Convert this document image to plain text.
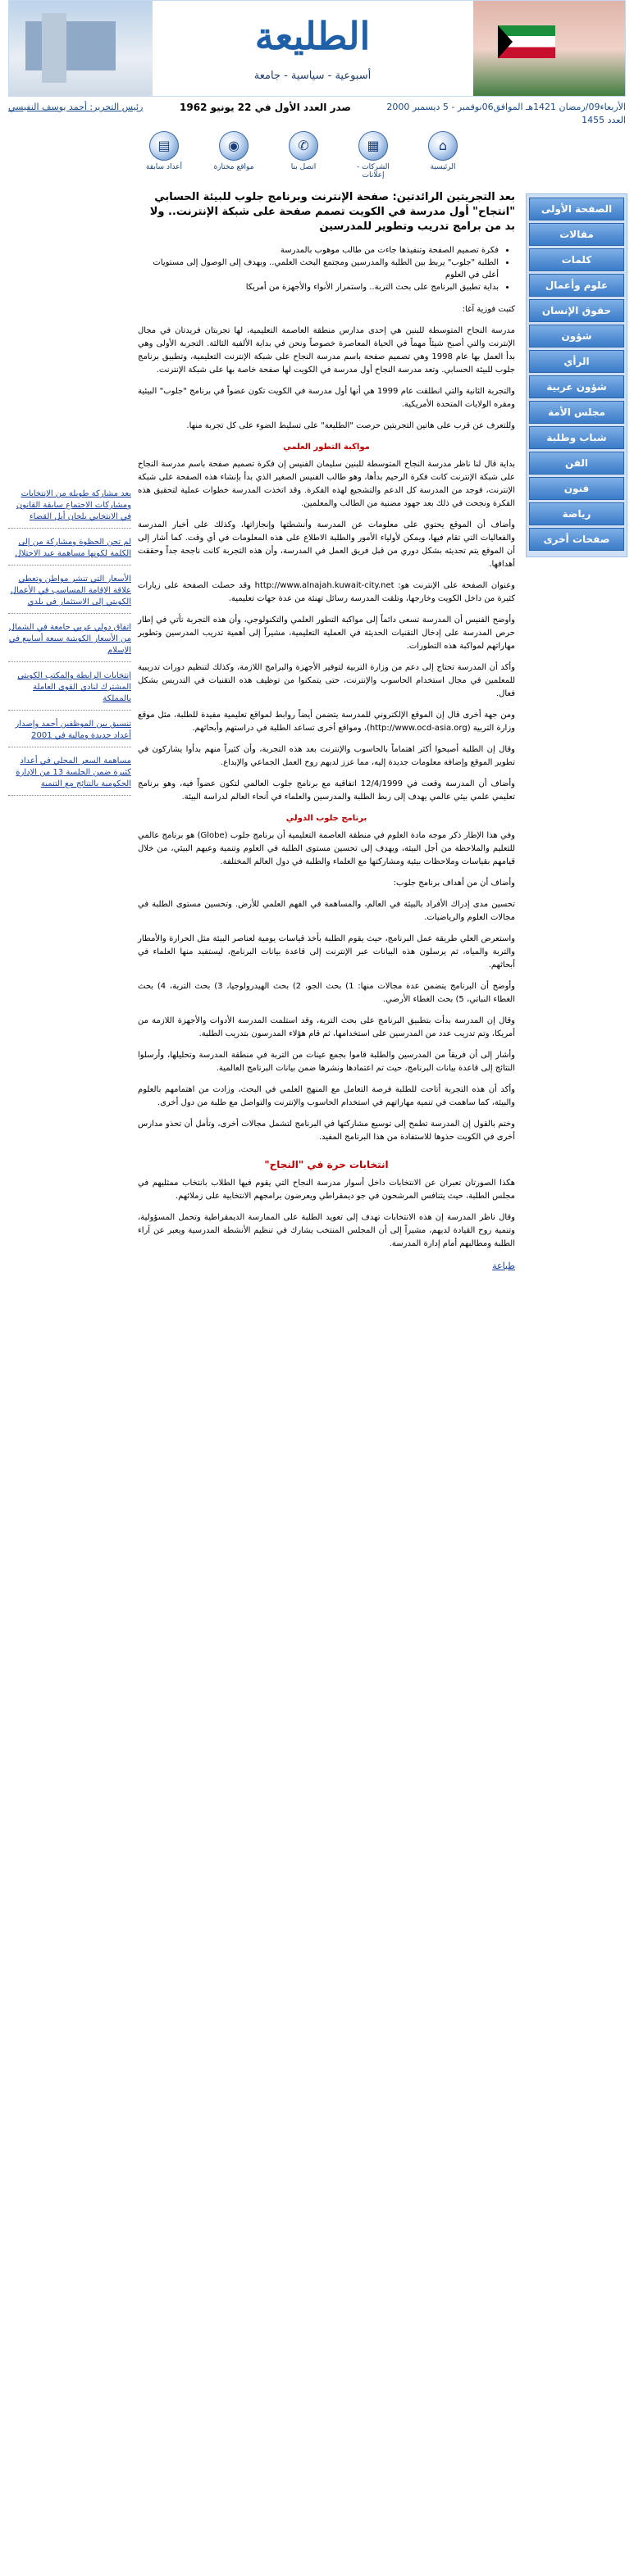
الطليعة
أسبوعية - سياسية - جامعة
الأربعاء09/رمضان 1421هـ الموافق06نوفمبر - 5 ديسمبر 2000
صدر العدد الأول في 22 يونيو 1962
رئيس التحرير: أحمد يوسف النفيسي
العدد 1455
⌂
الرئيسية
▦
الشركات - إعلانات
✆
اتصل بنا
◉
مواقع مختارة
▤
أعداد سابقة
الصفحة الأولى
مقالات
كلمات
علوم وأعمال
حقوق الإنسان
شؤون
الرأي
شؤون عربية
مجلس الأمة
شباب وطلبة
الفن
فنون
رياضة
صفحات أخرى
بعد مشاركة طويلة من الإنتخابات ومشاركات الاجتماع سابقة القانون في الانتخابي بلجان أبل القضاء
لم تحن الحظوة ومشاركة من إلى الكلمة لكونها مساهمة عبد الاحتلال
الأسعار التي تنشر مواطن وتعطي علاقة الإقامة المساسب في الأعمال الكويتي إلى الاستثمار في بلدي
اتفاق دولي عربي جامعة في الشمال من الأسعار الكويتية سبعة أسابيع في الإسلام
إنتخابات الرابطة والمكتب الكويتي المشترك لنادي القوى العاملة بالمملكة
تنسيق بين الموظفين أحمد وإصدار أعداد جديدة ومالية في 2001
مساهمة السعر المحلي في أعداد كثيرة ضمن الجلسة 13 من الإدارة الحكومية بالنتائج مع التنمية
بعد التجريتين الرائدتين: صفحة الإنترنت وبرنامج جلوب للبيئة الحسابي "انتجاح" أول مدرسة في الكويت تصمم صفحة على شبكة الإنترنت.. ولا بد من برامج تدريب وتطوير للمدرسين
• فكرة تصميم الصفحة وتنفيذها جاءت من طالب موهوب بالمدرسة
• الطلبة "جلوب" يربط بين الطلبة والمدرسين ومجتمع البحث العلمي.. وبهدف إلى الوصول إلى مستويات أعلى في العلوم
• بداية تطبيق البرنامج على بحث التربة.. واستمرار الأنواء والأجهزة من أمريكا

كتبت فوزية آغا:

مدرسة النجاح المتوسطة للبنين هي إحدى مدارس منطقة العاصمة التعليمية، لها تجربتان فريدتان في مجال الإنترنت والتي أصبح شيئاً مهماً في الحياة المعاصرة خصوصاً ونحن في بداية الألفية الثالثة. التجربة الأولى وهي بدأ العمل بها عام 1998 وهي تصميم صفحة باسم مدرسة النجاح على شبكة الإنترنت التعليمية، وتطبيق برنامج جلوب للبيئة الحسابي. وتعد مدرسة النجاح أول مدرسة في الكويت لها صفحة خاصة بها على شبكة الإنترنت.

والتجربة الثانية والتي انطلقت عام 1999 هي أنها أول مدرسة في الكويت تكون عضواً في برنامج "جلوب" البيئية ومقره الولايات المتحدة الأمريكية.

وللتعرف عن قرب على هاتين التجربتين حرصت "الطليعة" على تسليط الضوء على كل تجربة منها.

مواكبة التطور العلمي

بداية قال لنا ناظر مدرسة النجاح المتوسطة للبنين سليمان الفنيس إن فكرة تصميم صفحة باسم مدرسة النجاح على شبكة الإنترنت كانت فكرة الرحيم بدأها، وهو طالب الفنيس الصغير الذي بدأ بإنشاء هذه الصفحة على شبكة الإنترنت، فوجد من المدرسة كل الدعم والتشجيع لهذه الفكرة. وقد اتخذت المدرسة خطوات عملية لتحقيق هذه الفكرة ونجحت في ذلك بعد جهود مضنية من الطالب والمعلمين.

وأضاف أن الموقع يحتوي على معلومات عن المدرسة وأنشطتها وإنجازاتها، وكذلك على أخبار المدرسة والفعاليات التي تقام فيها، ويمكن لأولياء الأمور والطلبة الاطلاع على هذه المعلومات في أي وقت. كما أشار إلى أن الموقع يتم تحديثه بشكل دوري من قبل فريق العمل في المدرسة، وأن هذه التجربة كانت ناجحة جداً وحققت أهدافها.

وعنوان الصفحة على الإنترنت هو: http://www.alnajah.kuwait-city.net وقد حصلت الصفحة على زيارات كثيرة من داخل الكويت وخارجها، وتلقت المدرسة رسائل تهنئة من عدة جهات تعليمية.

وأوضح الفنيس أن المدرسة تسعى دائماً إلى مواكبة التطور العلمي والتكنولوجي، وأن هذه التجربة تأتي في إطار حرص المدرسة على إدخال التقنيات الحديثة في العملية التعليمية، مشيراً إلى أهمية تدريب المدرسين وتطوير مهاراتهم لمواكبة هذه التطورات.

وأكد أن المدرسة تحتاج إلى دعم من وزارة التربية لتوفير الأجهزة والبرامج اللازمة، وكذلك لتنظيم دورات تدريبية للمعلمين في مجال استخدام الحاسوب والإنترنت، حتى يتمكنوا من توظيف هذه التقنيات في التدريس بشكل فعال.

ومن جهة أخرى قال إن الموقع الإلكتروني للمدرسة يتضمن أيضاً روابط لمواقع تعليمية مفيدة للطلبة، مثل موقع وزارة التربية (http://www.ocd-asia.org)، ومواقع أخرى تساعد الطلبة في دراستهم وأبحاثهم.

وقال إن الطلبة أصبحوا أكثر اهتماماً بالحاسوب والإنترنت بعد هذه التجربة، وأن كثيراً منهم بدأوا يشاركون في تطوير الموقع وإضافة معلومات جديدة إليه، مما عزز لديهم روح العمل الجماعي والإبداع.

وأضاف أن المدرسة وقعت في 12/4/1999 اتفاقية مع برنامج جلوب العالمي لتكون عضواً فيه، وهو برنامج تعليمي علمي بيئي عالمي يهدف إلى ربط الطلبة والمدرسين والعلماء في أنحاء العالم لدراسة البيئة.

برنامج جلوب الدولي

وفي هذا الإطار ذكر موجه مادة العلوم في منطقة العاصمة التعليمية أن برنامج جلوب (Globe) هو برنامج عالمي للتعليم والملاحظة من أجل البيئة، ويهدف إلى تحسين مستوى الطلبة في العلوم وتنمية وعيهم البيئي، من خلال قيامهم بقياسات وملاحظات بيئية ومشاركتها مع العلماء والطلبة في دول العالم المختلفة.

وأضاف أن من أهداف برنامج جلوب:

تحسين مدى إدراك الأفراد بالبيئة في العالم، والمساهمة في الفهم العلمي للأرض. وتحسين مستوى الطلبة في مجالات العلوم والرياضيات.

واستعرض العلي طريقة عمل البرنامج، حيث يقوم الطلبة بأخذ قياسات يومية لعناصر البيئة مثل الحرارة والأمطار والتربة والمياه، ثم يرسلون هذه البيانات عبر الإنترنت إلى قاعدة بيانات البرنامج، ليستفيد منها العلماء في أبحاثهم.

وأوضح أن البرنامج يتضمن عدة مجالات منها: 1) بحث الجو، 2) بحث الهيدرولوجيا، 3) بحث التربة، 4) بحث الغطاء النباتي، 5) بحث الغطاء الأرضي.

وقال إن المدرسة بدأت بتطبيق البرنامج على بحث التربة، وقد استلمت المدرسة الأدوات والأجهزة اللازمة من أمريكا، وتم تدريب عدد من المدرسين على استخدامها، ثم قام هؤلاء المدرسون بتدريب الطلبة.

وأشار إلى أن فريقاً من المدرسين والطلبة قاموا بجمع عينات من التربة في منطقة المدرسة وتحليلها، وأرسلوا النتائج إلى قاعدة بيانات البرنامج، حيث تم اعتمادها ونشرها ضمن بيانات البرنامج العالمية.

وأكد أن هذه التجربة أتاحت للطلبة فرصة التعامل مع المنهج العلمي في البحث، وزادت من اهتمامهم بالعلوم والبيئة، كما ساهمت في تنمية مهاراتهم في استخدام الحاسوب والإنترنت والتواصل مع طلبة من دول أخرى.

وختم بالقول إن المدرسة تطمح إلى توسيع مشاركتها في البرنامج لتشمل مجالات أخرى، وتأمل أن تحذو مدارس أخرى في الكويت حذوها للاستفادة من هذا البرنامج المفيد.

انتخابات حرة في "النجاح"

هكذا الصورتان تعبران عن الانتخابات داخل أسوار مدرسة النجاح التي يقوم فيها الطلاب بانتخاب ممثليهم في مجلس الطلبة، حيث يتنافس المرشحون في جو ديمقراطي ويعرضون برامجهم الانتخابية على زملائهم.

وقال ناظر المدرسة إن هذه الانتخابات تهدف إلى تعويد الطلبة على الممارسة الديمقراطية وتحمل المسؤولية، وتنمية روح القيادة لديهم، مشيراً إلى أن المجلس المنتخب يشارك في تنظيم الأنشطة المدرسية ويعبر عن آراء الطلبة ومطالبهم أمام إدارة المدرسة.

طباعة
